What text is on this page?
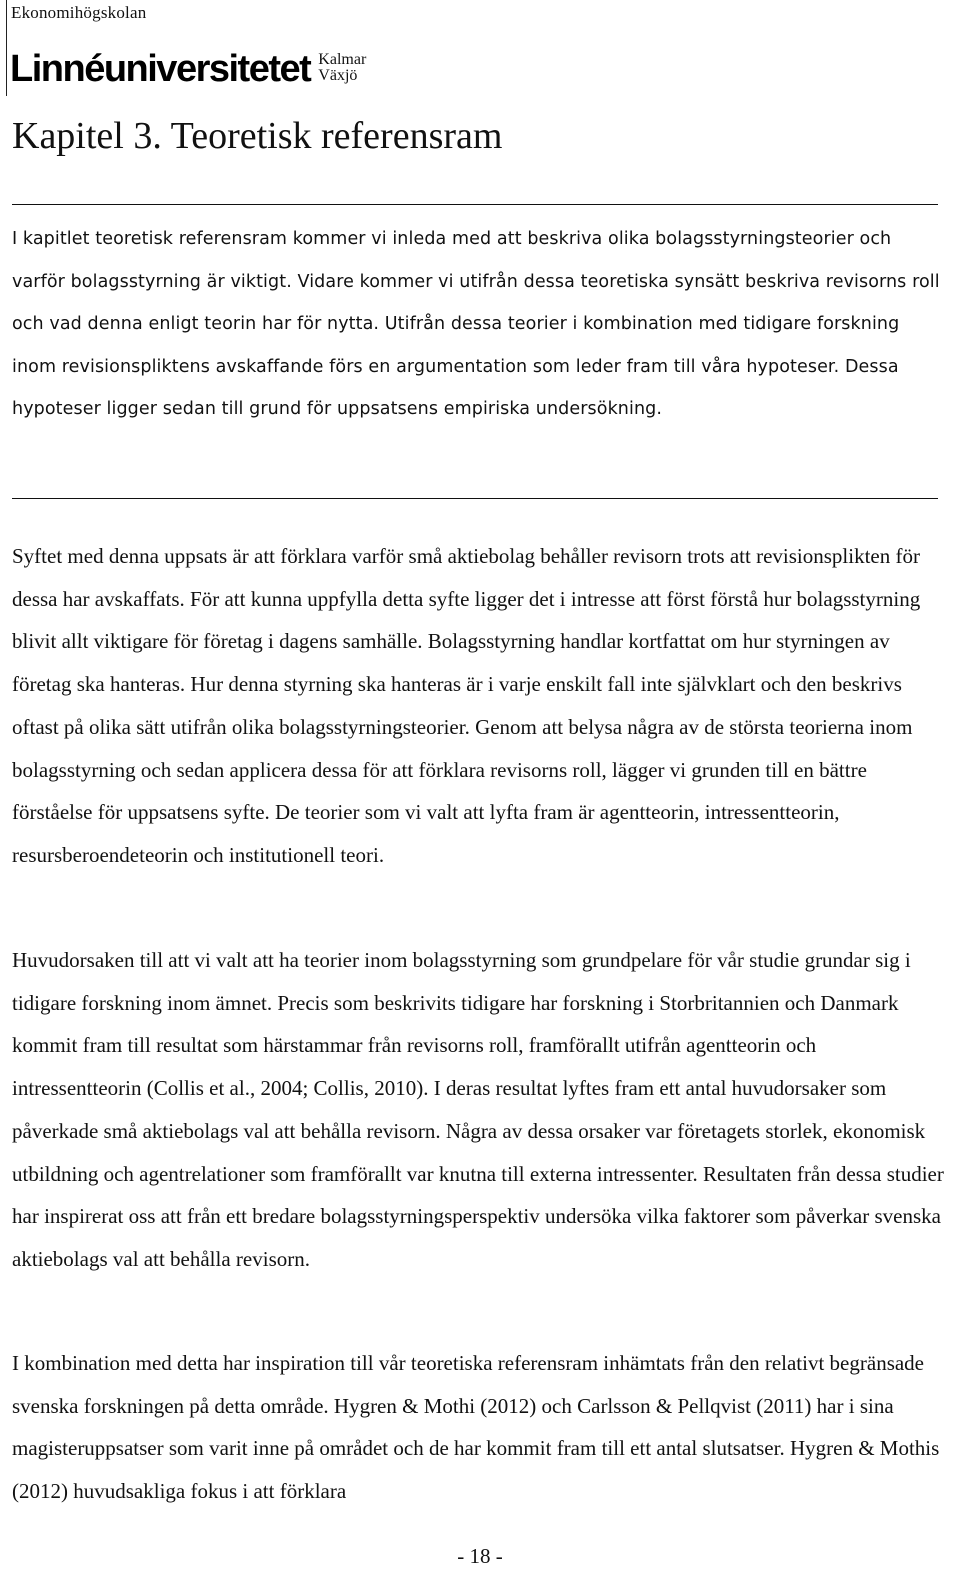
Ekonomihögskolan
Linnéuniversitetet Kalmar
Växjö
Kapitel 3. Teoretisk referensram

I kapitlet teoretisk referensram kommer vi inleda med att beskriva olika bolagsstyrningsteorier och varför bolagsstyrning är viktigt. Vidare kommer vi utifrån dessa teoretiska synsätt beskriva revisorns roll och vad denna enligt teorin har för nytta. Utifrån dessa teorier i kombination med tidigare forskning inom revisionspliktens avskaffande förs en argumentation som leder fram till våra hypoteser. Dessa hypoteser ligger sedan till grund för uppsatsens empiriska undersökning.

Syftet med denna uppsats är att förklara varför små aktiebolag behåller revisorn trots att revisionsplikten för dessa har avskaffats. För att kunna uppfylla detta syfte ligger det i intresse att först förstå hur bolagsstyrning blivit allt viktigare för företag i dagens samhälle. Bolagsstyrning handlar kortfattat om hur styrningen av företag ska hanteras. Hur denna styrning ska hanteras är i varje enskilt fall inte självklart och den beskrivs oftast på olika sätt utifrån olika bolagsstyrningsteorier. Genom att belysa några av de största teorierna inom bolagsstyrning och sedan applicera dessa för att förklara revisorns roll, lägger vi grunden till en bättre förståelse för uppsatsens syfte. De teorier som vi valt att lyfta fram är agentteorin, intressentteorin, resursberoendeteorin och institutionell teori.

Huvudorsaken till att vi valt att ha teorier inom bolagsstyrning som grundpelare för vår studie grundar sig i tidigare forskning inom ämnet. Precis som beskrivits tidigare har forskning i Storbritannien och Danmark kommit fram till resultat som härstammar från revisorns roll, framförallt utifrån agentteorin och intressentteorin (Collis et al., 2004; Collis, 2010). I deras resultat lyftes fram ett antal huvudorsaker som påverkade små aktiebolags val att behålla revisorn. Några av dessa orsaker var företagets storlek, ekonomisk utbildning och agentrelationer som framförallt var knutna till externa intressenter. Resultaten från dessa studier har inspirerat oss att från ett bredare bolagsstyrningsperspektiv undersöka vilka faktorer som påverkar svenska aktiebolags val att behålla revisorn.

I kombination med detta har inspiration till vår teoretiska referensram inhämtats från den relativt begränsade svenska forskningen på detta område. Hygren & Mothi (2012) och Carlsson & Pellqvist (2011) har i sina magisteruppsatser som varit inne på området och de har kommit fram till ett antal slutsatser. Hygren & Mothis (2012) huvudsakliga fokus i att förklara

- 18 -
